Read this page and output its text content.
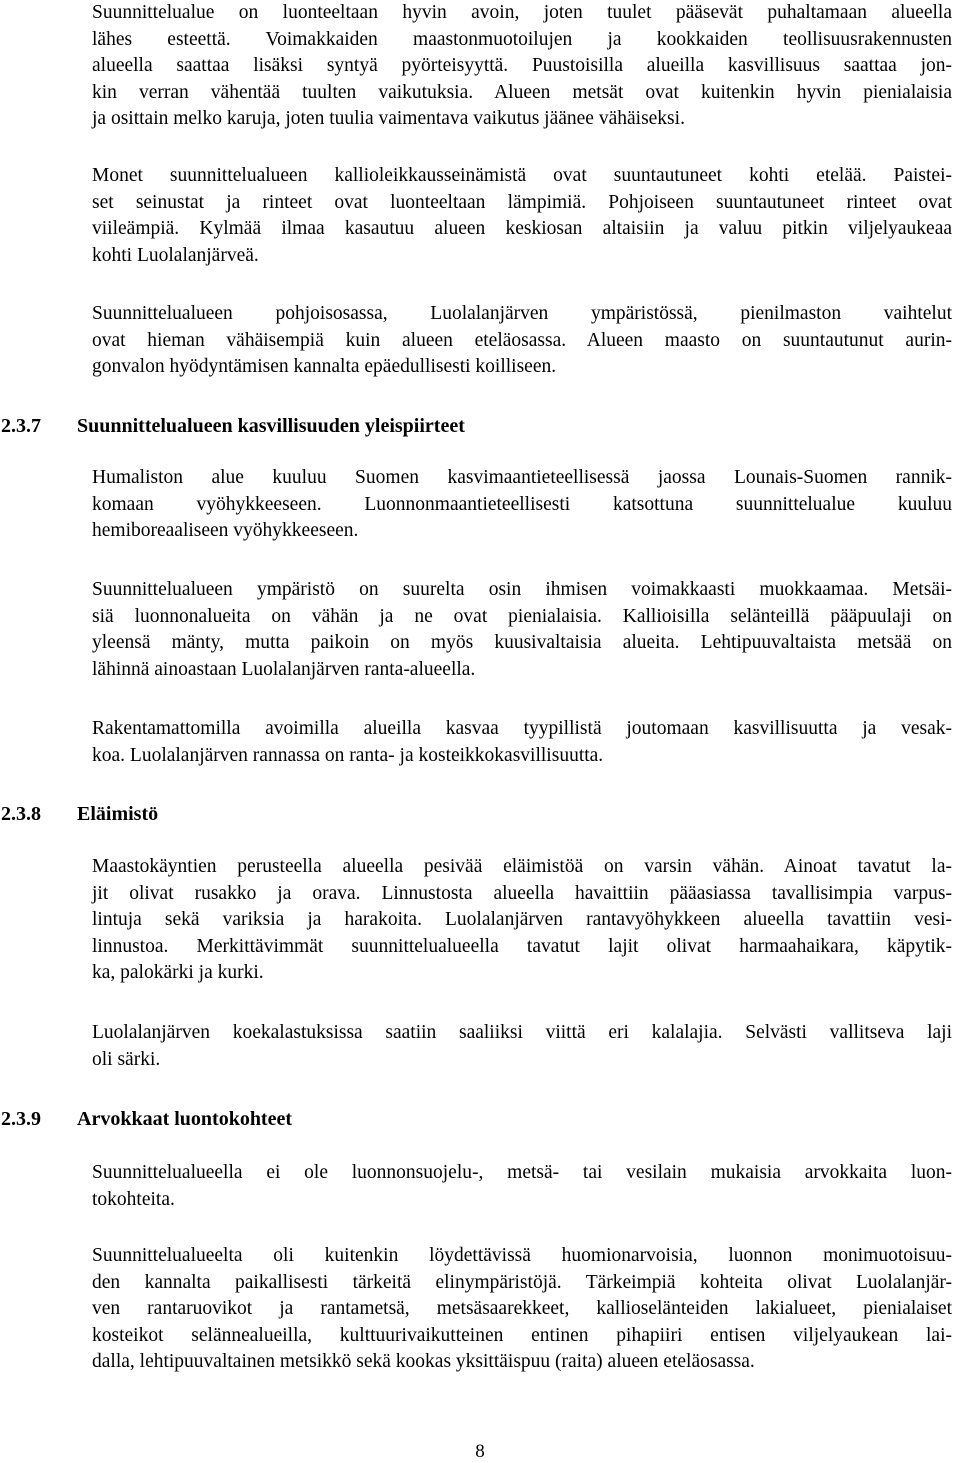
Suunnittelualue on luonteeltaan hyvin avoin, joten tuulet pääsevät puhaltamaan alueella
lähes esteettä. Voimakkaiden maastonmuotoilujen ja kookkaiden teollisuusrakennusten
alueella saattaa lisäksi syntyä pyörteisyyttä. Puustoisilla alueilla kasvillisuus saattaa jon-
kin verran vähentää tuulten vaikutuksia. Alueen metsät ovat kuitenkin hyvin pienialaisia
ja osittain melko karuja, joten tuulia vaimentava vaikutus jäänee vähäiseksi.
Monet suunnittelualueen kallioleikkausseinämistä ovat suuntautuneet kohti etelää. Paistei-
set seinustat ja rinteet ovat luonteeltaan lämpimiä. Pohjoiseen suuntautuneet rinteet ovat
viileämpiä. Kylmää ilmaa kasautuu alueen keskiosan altaisiin ja valuu pitkin viljelyaukeaa
kohti Luolalanjärveä.
Suunnittelualueen pohjoisosassa, Luolalanjärven ympäristössä, pienilmaston vaihtelut
ovat hieman vähäisempiä kuin alueen eteläosassa. Alueen maasto on suuntautunut aurin-
gonvalon hyödyntämisen kannalta epäedullisesti koilliseen.
2.3.7 Suunnittelualueen kasvillisuuden yleispiirteet
Humaliston alue kuuluu Suomen kasvimaantieteellisessä jaossa Lounais-Suomen rannik-
komaan vyöhykkeeseen. Luonnonmaantieteellisesti katsottuna suunnittelualue kuuluu
hemiboreaaliseen vyöhykkeeseen.
Suunnittelualueen ympäristö on suurelta osin ihmisen voimakkaasti muokkaamaa. Metsäi-
siä luonnonalueita on vähän ja ne ovat pienialaisia. Kallioisilla selänteillä pääpuulaji on
yleensä mänty, mutta paikoin on myös kuusivaltaisia alueita. Lehtipuuvaltaista metsää on
lähinnä ainoastaan Luolalanjärven ranta-alueella.
Rakentamattomilla avoimilla alueilla kasvaa tyypillistä joutomaan kasvillisuutta ja vesak-
koa. Luolalanjärven rannassa on ranta- ja kosteikkokasvillisuutta.
2.3.8 Eläimistö
Maastokäyntien perusteella alueella pesivää eläimistöä on varsin vähän. Ainoat tavatut la-
jit olivat rusakko ja orava. Linnustosta alueella havaittiin pääasiassa tavallisimpia varpus-
lintuja sekä variksia ja harakoita. Luolalanjärven rantavyöhykkeen alueella tavattiin vesi-
linnustoa. Merkittävimmät suunnittelualueella tavatut lajit olivat harmaahaikara, käpytik-
ka, palokärki ja kurki.
Luolalanjärven koekalastuksissa saatiin saaliiksi viittä eri kalalajia. Selvästi vallitseva laji
oli särki.
2.3.9 Arvokkaat luontokohteet
Suunnittelualueella ei ole luonnonsuojelu-, metsä- tai vesilain mukaisia arvokkaita luon-
tokohteita.
Suunnittelualueelta oli kuitenkin löydettävissä huomionarvoisia, luonnon monimuotoisuu-
den kannalta paikallisesti tärkeitä elinympäristöjä. Tärkeimpiä kohteita olivat Luolalanjär-
ven rantaruovikot ja rantametsä, metsäsaarekkeet, kallioselänteiden lakialueet, pienialaiset
kosteikot selännealueilla, kulttuurivaikutteinen entinen pihapiiri entisen viljelyaukean lai-
dalla, lehtipuuvaltainen metsikkö sekä kookas yksittäispuu (raita) alueen eteläosassa.
8
